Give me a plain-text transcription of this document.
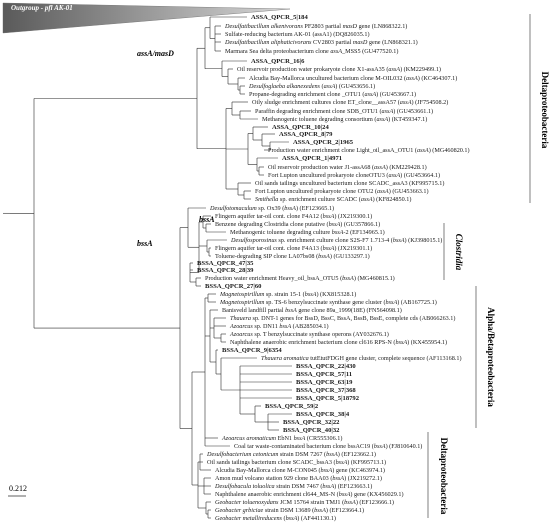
Outgroup - pfl AK-01
ASSA_QPCR_5|184
Desulfatibacillum alkenivorans PF2803 partial masD gene (LN868322.1)
Sulfate-reducing bacterium AK-01 (assA1) (DQ826035.1)
Desulfatibacillum aliphaticivorans CV2803 partial masD gene (LN868321.1)
Marmara Sea delta proteobacterium clone assA_MSS5 (GU477520.1)
ASSA_QPCR_16|6
Oil reservoir production water prokaryote clone X1-assA35 (assA) (KM229499.1)
Alcudia Bay-Mallorca uncultured bacterium clone M-OIL032 (assA) (KC464307.1)
Desulfoglaeba alkanexedens (assA) (GU453656.1)
Propane-degrading enrichment clone _OTU1 (assA) (GU453667.1)
Oily sludge enrichment cultures clone ET_clone__assA57 (assA) (JF754508.2)
Paraffin degrading enrichment clone SDB_OTU1 (assA) (GU453661.1)
Methanogenic toluene degrading consortium (assA) (KT459347.1)
ASSA_QPCR_10|24
ASSA_QPCR_8|79
ASSA_QPCR_2|1965
Production water enrichment clone Light_oil_assA_OTU1 (assA) (MG460820.1)
ASSA_QPCR_1|4971
Oil reservoir production water J1-assA68 (assA) (KM229428.1)
Fort Lupton uncultured prokaryote cloneOTU3 (assA) (GU453664.1)
Oil sands tailings uncultured bacterium clone SCADC_assA3 (KF995715.1)
Fort Lupton uncultured prokaryote clone OTU2 (assA) (GU453663.1)
Smithella sp. enrichment culture SCADC (assA) (KF824850.1)
Desulfotomaculum sp. Ox39 (bssA) (EF123665.1)
Flingern aquifer tar-oil cont. clone F4A12 (bssA) (JX219300.1)
Benzene degrading Clostridia clone putative (bssA) (GU357866.1)
Methanogenic toluene degrading culture bssA-2 (EF134965.1)
Desulfosporosinus sp. enrichment culture clone S2S-F7 1.713-4 (bssA) (KJ398015.1)
Flingern aquifer tar-oil cont. clone F4A13 (bssA) (JX219301.1)
Toluene-degrading SIP clone LA07bs08 (bssA) (GU133297.1)
BSSA_QPCR_47|35
BSSA_QPCR_28|39
Production water enrichment Heavy_oil_bssA_OTU5 (bssA) (MG460815.1)
BSSA_QPCR_27|60
Magnetospirillum sp. strain 15-1 (bssA) (KX815328.1)
Magnetospirillum sp. TS-6 benzylsuccinate synthase gene cluster (bssA) (AB167725.1)
Banisveld landfill partial bssA gene clone 89a_1999(18E) (FN564098.1)
Thauera sp. DNT-1 genes for BssD, BssC, BssA, BssB, BssE, complete cds (AB066263.1)
Azoarcus sp. DN11 bssA (AB285034.1)
Azoarcus sp. T benzylsuccinate synthase operons (AY032676.1)
Naphthalene anaerobic enrichment bacterium clone cl616 RPS-N (bssA) (KX455954.1)
BSSA_QPCR_9|6354
Thauera aromatica tutEtutFDGH gene cluster, complete sequence (AF113168.1)
BSSA_QPCR_22|430
BSSA_QPCR_57|11
BSSA_QPCR_63|19
BSSA_QPCR_37|368
BSSA_QPCR_5|18792
BSSA_QPCR_59|2
BSSA_QPCR_38|4
BSSA_QPCR_32|22
BSSA_QPCR_40|32
Azoarcus aromaticum EbN1 bssA (CR555306.1)
Coal tar waste-contaminated bacterium clone bssAC19 (bssA) (FJ810640.1)
Desulfobacterium cetonicum strain DSM 7267 (bssA) (EF123662.1)
Oil sands tailings bacterium clone SCADC_bssA3 (bssA) (KF995713.1)
Alcudia Bay-Mallorca clone M-CON045 (bssA) gene (KC463974.1)
Amon mud volcano station 929 clone BAA03 (bssA) (JX219272.1)
Desulfobacula toluolica strain DSM 7467 (bssA) (EF123663.1)
Naphthalene anaerobic enrichment cl644_MS-N (bssA) gene (KX456029.1)
Geobacter toluenoxydans JCM 15764 strain TMJ1 (bssA) (EF123666.1)
Geobacter grbiciae strain DSM 13689 (bssA) (EF123664.1)
Geobacter metallireducens (bssA) (AF441130.1)
assA/masD
bssA
bssA
Deltaproteobacteria
Clostridia
Alpha/Betaproteobacteria
Deltaproteobacteria
0.212
